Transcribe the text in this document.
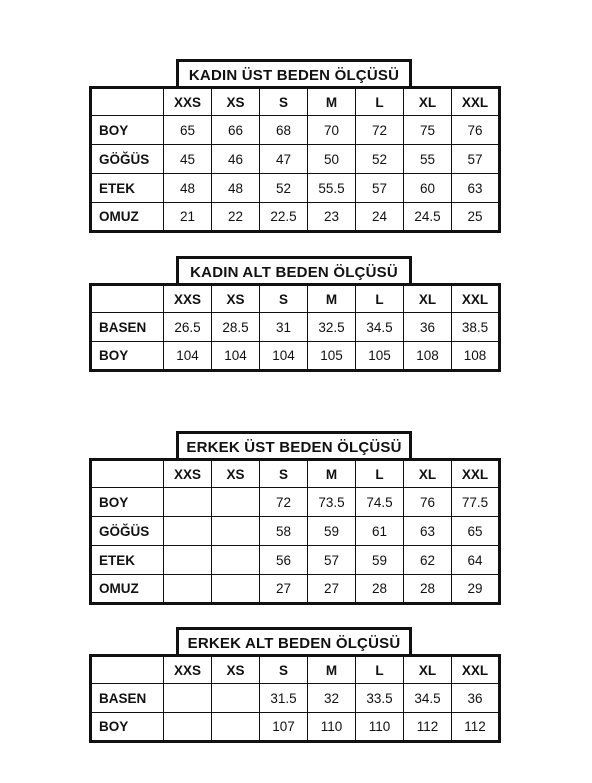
KADIN ÜST BEDEN ÖLÇÜSÜ
	XXS	XS	S	M	L	XL	XXL
BOY	65	66	68	70	72	75	76
GÖĞÜS	45	46	47	50	52	55	57
ETEK	48	48	52	55.5	57	60	63
OMUZ	21	22	22.5	23	24	24.5	25
KADIN ALT BEDEN ÖLÇÜSÜ
	XXS	XS	S	M	L	XL	XXL
BASEN	26.5	28.5	31	32.5	34.5	36	38.5
BOY	104	104	104	105	105	108	108
ERKEK ÜST BEDEN ÖLÇÜSÜ
	XXS	XS	S	M	L	XL	XXL
BOY			72	73.5	74.5	76	77.5
GÖĞÜS			58	59	61	63	65
ETEK			56	57	59	62	64
OMUZ			27	27	28	28	29
ERKEK ALT BEDEN ÖLÇÜSÜ
	XXS	XS	S	M	L	XL	XXL
BASEN			31.5	32	33.5	34.5	36
BOY			107	110	110	112	112
